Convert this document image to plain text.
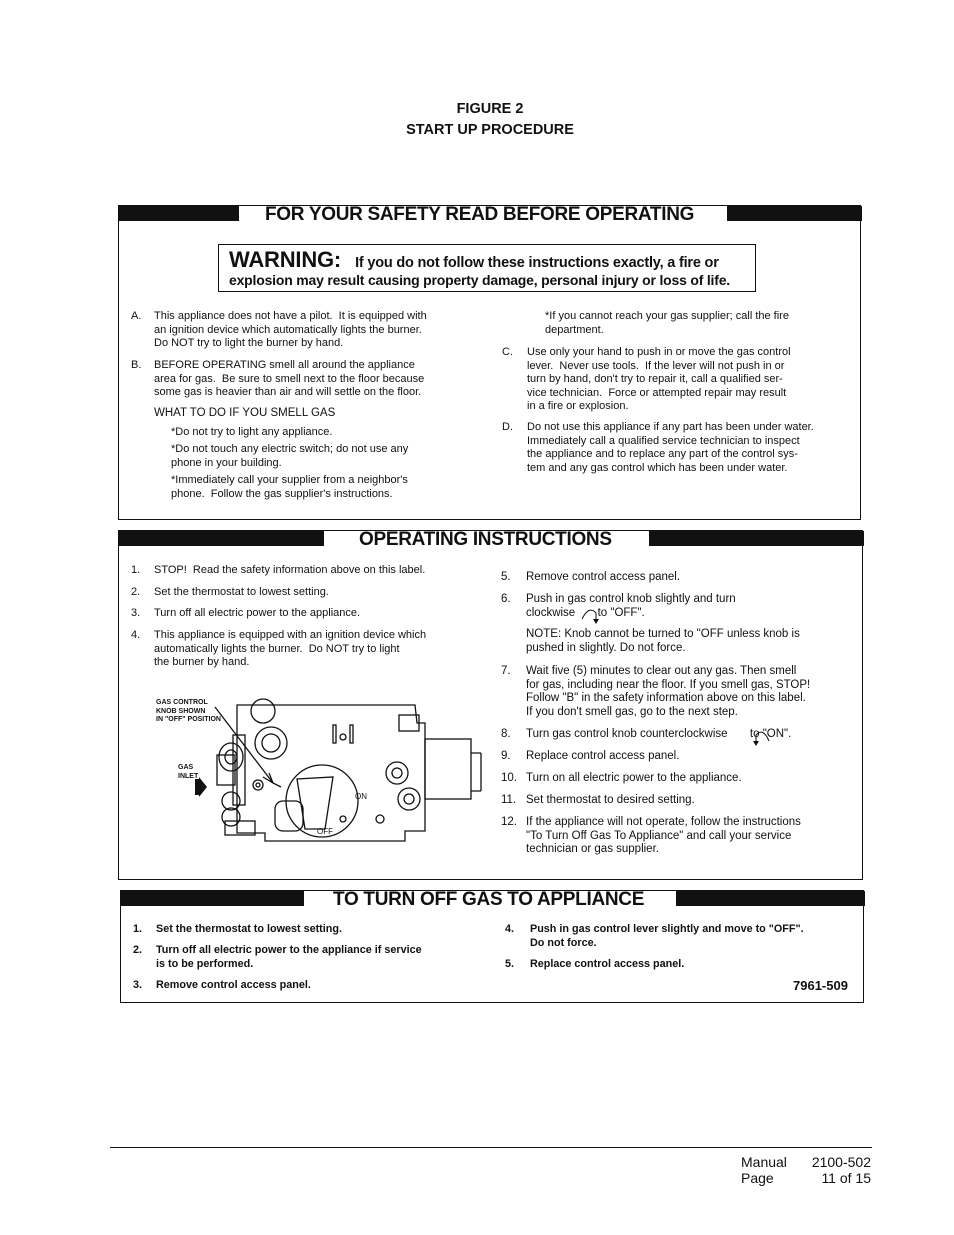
FIGURE 2
START UP PROCEDURE
FOR YOUR SAFETY READ BEFORE OPERATING
WARNING: If you do not follow these instructions exactly, a fire or
explosion may result causing property damage, personal injury or loss of life.
A. This appliance does not have a pilot.  It is equipped with
an ignition device which automatically lights the burner.
Do NOT try to light the burner by hand.
B. BEFORE OPERATING smell all around the appliance
area for gas.  Be sure to smell next to the floor because
some gas is heavier than air and will settle on the floor.
WHAT TO DO IF YOU SMELL GAS
*Do not try to light any appliance.
*Do not touch any electric switch; do not use any
phone in your building.
*Immediately call your supplier from a neighbor's
phone.  Follow the gas supplier's instructions.
*If you cannot reach your gas supplier; call the fire
department.
C. Use only your hand to push in or move the gas control
lever.  Never use tools.  If the lever will not push in or
turn by hand, don't try to repair it, call a qualified ser-
vice technician.  Force or attempted repair may result
in a fire or explosion.
D. Do not use this appliance if any part has been under water.
Immediately call a qualified service technician to inspect
the appliance and to replace any part of the control sys-
tem and any gas control which has been under water.
OPERATING INSTRUCTIONS
1. STOP!  Read the safety information above on this label.
2. Set the thermostat to lowest setting.
3. Turn off all electric power to the appliance.
4. This appliance is equipped with an ignition device which
automatically lights the burner.  Do NOT try to light
the burner by hand.
5. Remove control access panel.
6. Push in gas control knob slightly and turn
clockwise       to "OFF".
NOTE: Knob cannot be turned to "OFF unless knob is
pushed in slightly. Do not force.
7. Wait five (5) minutes to clear out any gas. Then smell
for gas, including near the floor. If you smell gas, STOP!
Follow "B" in the safety information above on this label.
If you don't smell gas, go to the next step.
8. Turn gas control knob counterclockwise       to "ON".
9. Replace control access panel.
10. Turn on all electric power to the appliance.
11. Set thermostat to desired setting.
12. If the appliance will not operate, follow the instructions
"To Turn Off Gas To Appliance" and call your service
technician or gas supplier.
GAS CONTROL
KNOB SHOWN
IN "OFF" POSITION
GAS
INLET
ON
OFF
TO TURN OFF GAS TO APPLIANCE
1. Set the thermostat to lowest setting.
2. Turn off all electric power to the appliance if service
is to be performed.
3. Remove control access panel.
4. Push in gas control lever slightly and move to "OFF".
Do not force.
5. Replace control access panel.
7961-509
Manual	2100-502
Page	11 of 15
